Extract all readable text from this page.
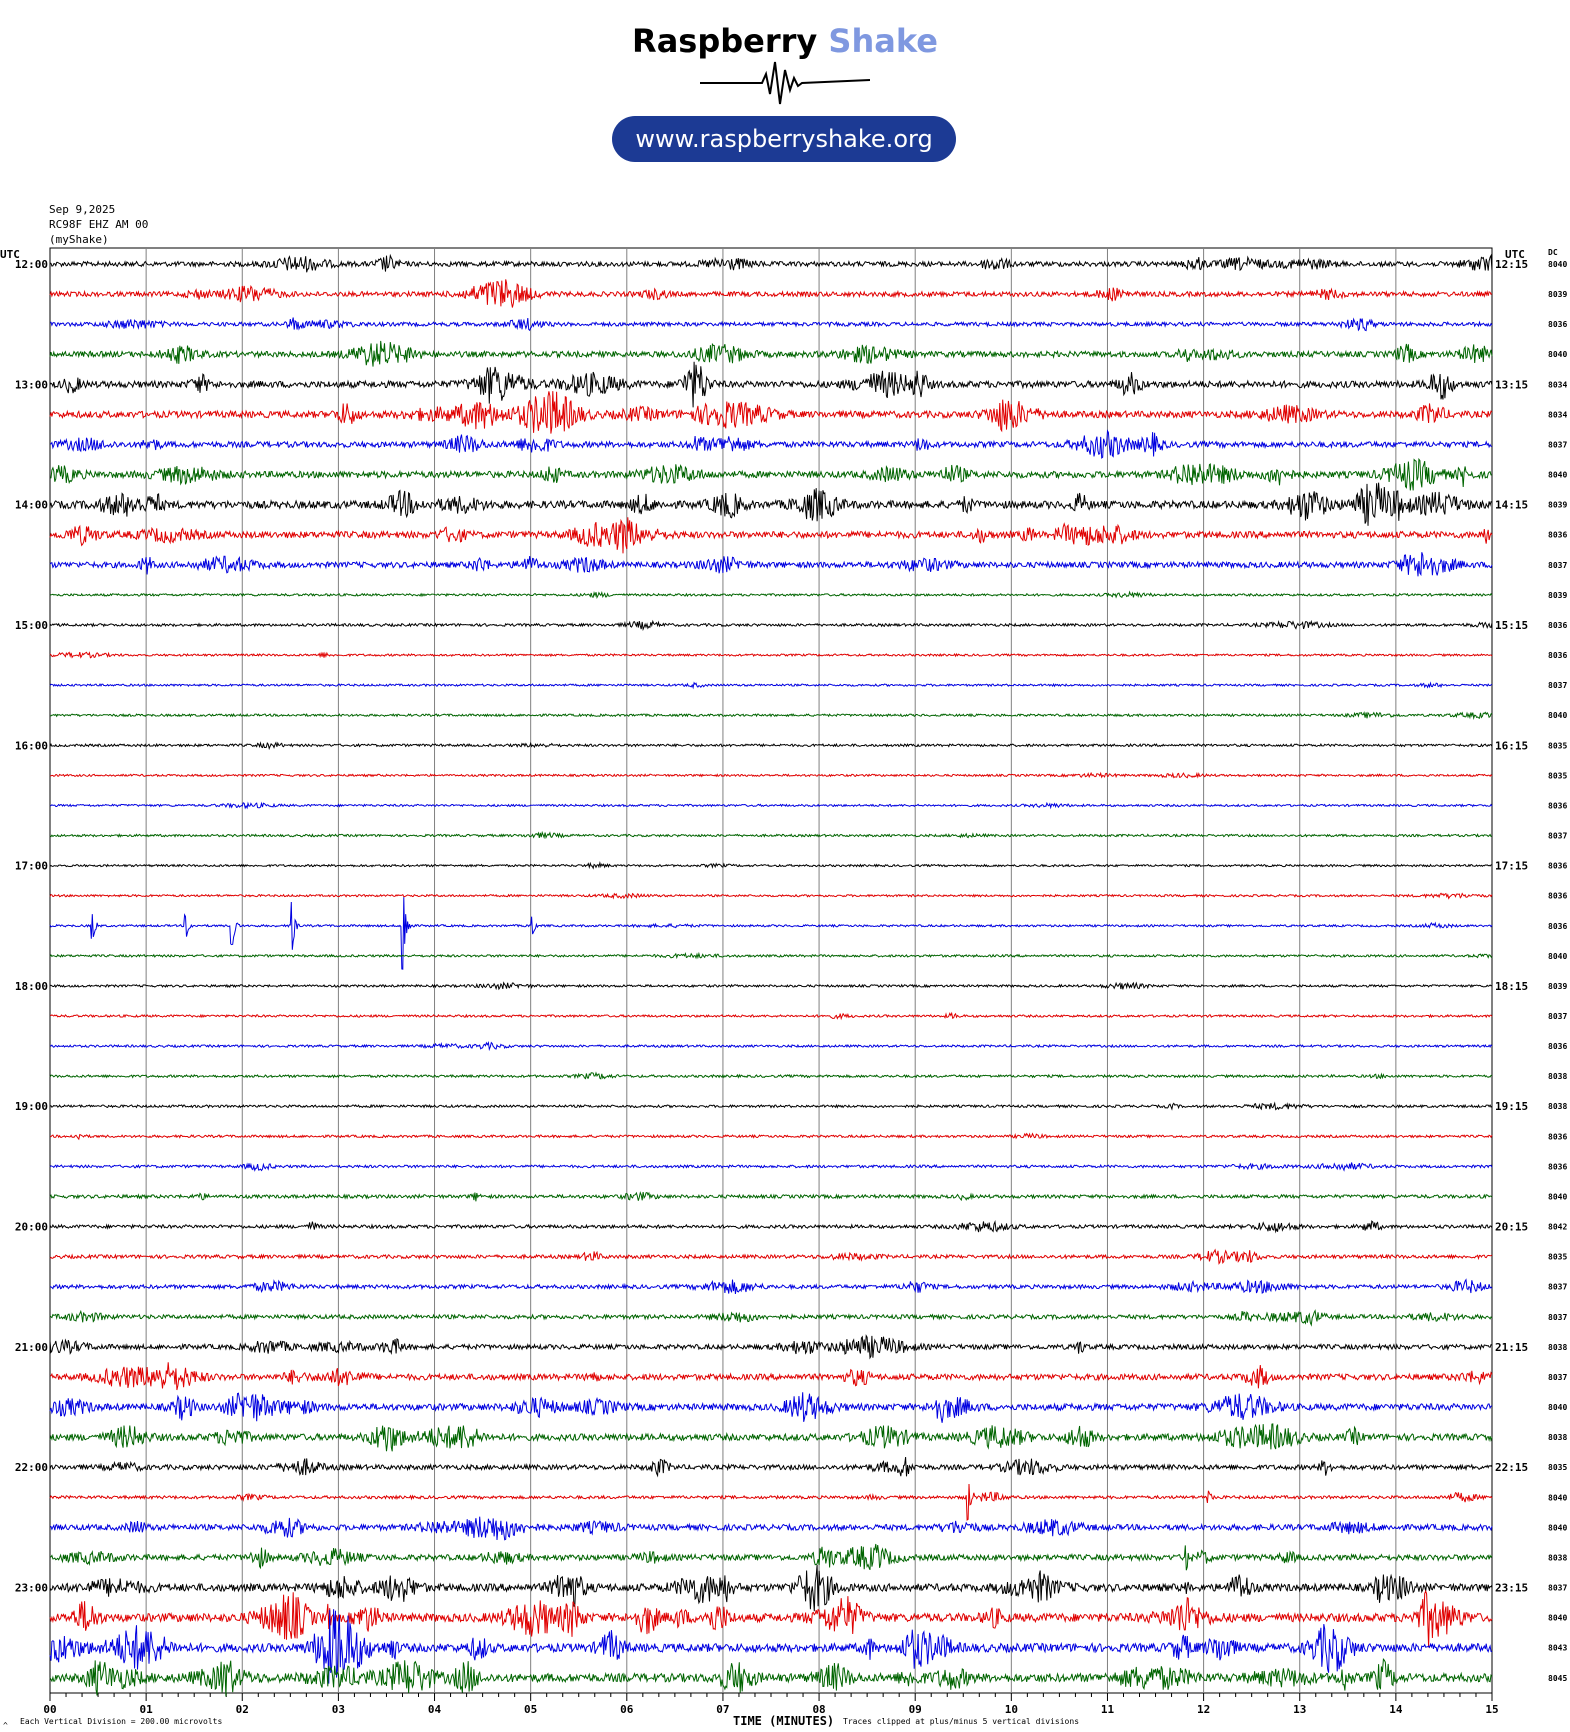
Raspberry Shake
www.raspberryshake.org
Sep 9,2025
RC98F EHZ AM 00
(myShake)
UTC	UTC	DC
TIME (MINUTES)
Each Vertical Division = 200.00 microvolts	Traces clipped at plus/minus 5 vertical divisions
^
00	01	02	03	04	05	06	07	08	09	10	11	12	13	14	15
12:00	12:15
13:00	13:15
14:00	14:15
15:00	15:15
16:00	16:15
17:00	17:15
18:00	18:15
19:00	19:15
20:00	20:15
21:00	21:15
22:00	22:15
23:00	23:15
8040
8039
8036
8040
8034
8034
8037
8040
8039
8036
8037
8039
8036
8036
8037
8040
8035
8035
8036
8037
8036
8036
8036
8040
8039
8037
8036
8038
8038
8036
8036
8040
8042
8035
8037
8037
8038
8037
8040
8038
8035
8040
8040
8038
8037
8040
8043
8045
